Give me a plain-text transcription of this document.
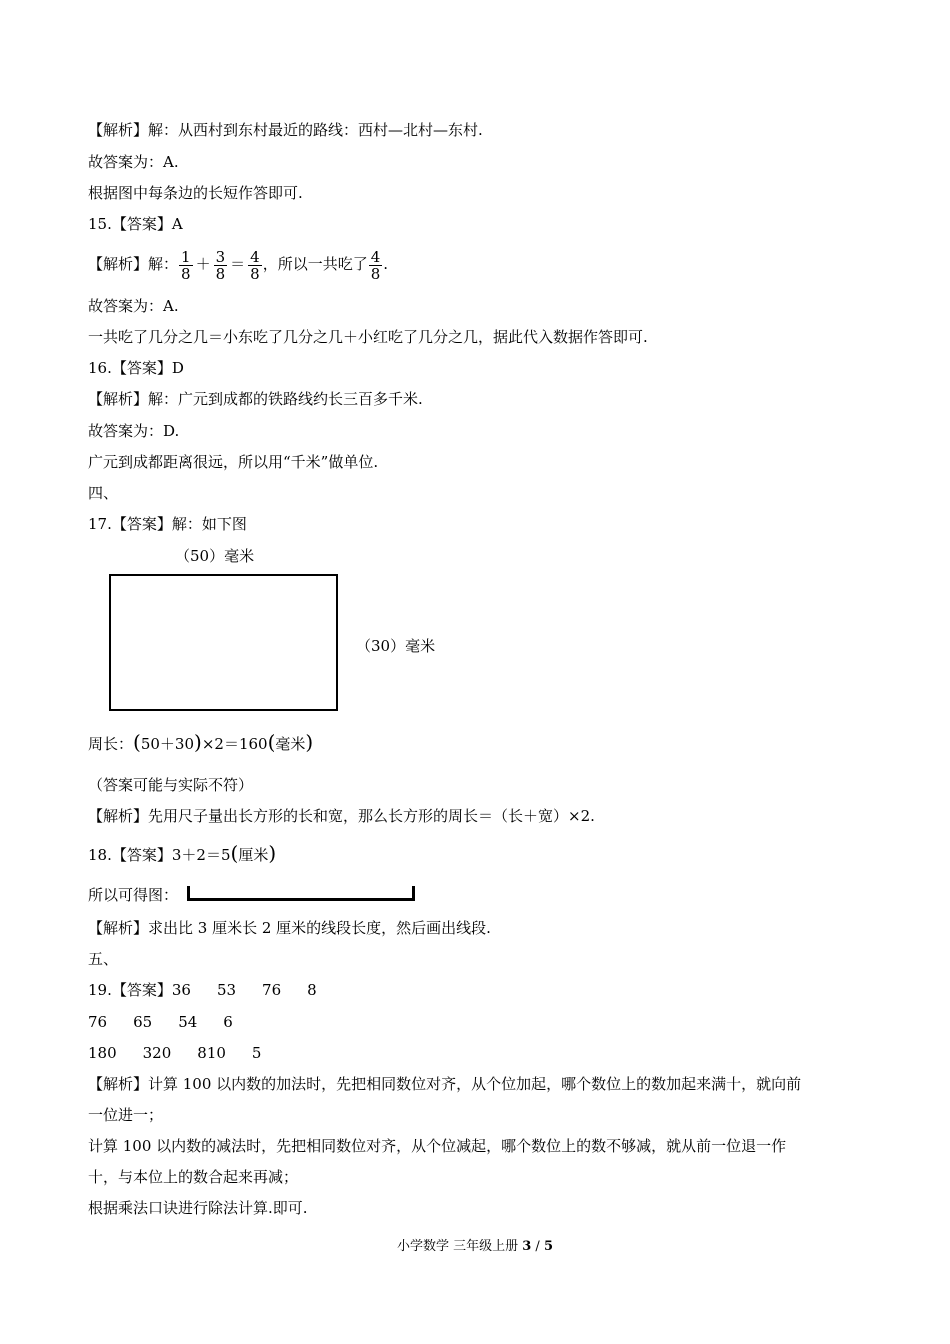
【解析】解：从西村到东村最近的路线：西村—北村—东村.
故答案为：A.
根据图中每条边的长短作答即可.
15.【答案】A
【解析】解： $\frac{1}{8} + \frac{3}{8} = \frac{4}{8}$ ，所以一共吃了 $\frac{4}{8}$ .
故答案为：A.
一共吃了几分之几＝小东吃了几分之几＋小红吃了几分之几，据此代入数据作答即可.
16.【答案】D
【解析】解：广元到成都的铁路线约长三百多千米.
故答案为：D.
广元到成都距离很远，所以用“千米”做单位.
四、
17.【答案】解：如下图
（50）毫米
（30）毫米
周长：(50＋30)×2＝160(毫米)
（答案可能与实际不符）
【解析】先用尺子量出长方形的长和宽，那么长方形的周长＝（长＋宽）×2.
18.【答案】3＋2＝5(厘米)
所以可得图：
【解析】求出比 3 厘米长 2 厘米的线段长度，然后画出线段.
五、
19.【答案】36 53 76 8
76 65 54 6
180 320 810 5
【解析】计算 100 以内数的加法时，先把相同数位对齐，从个位加起，哪个数位上的数加起来满十，就向前
一位进一；
计算 100 以内数的减法时，先把相同数位对齐，从个位减起，哪个数位上的数不够减，就从前一位退一作
十，与本位上的数合起来再减；
根据乘法口诀进行除法计算.即可.
小学数学 三年级上册 3 / 5
